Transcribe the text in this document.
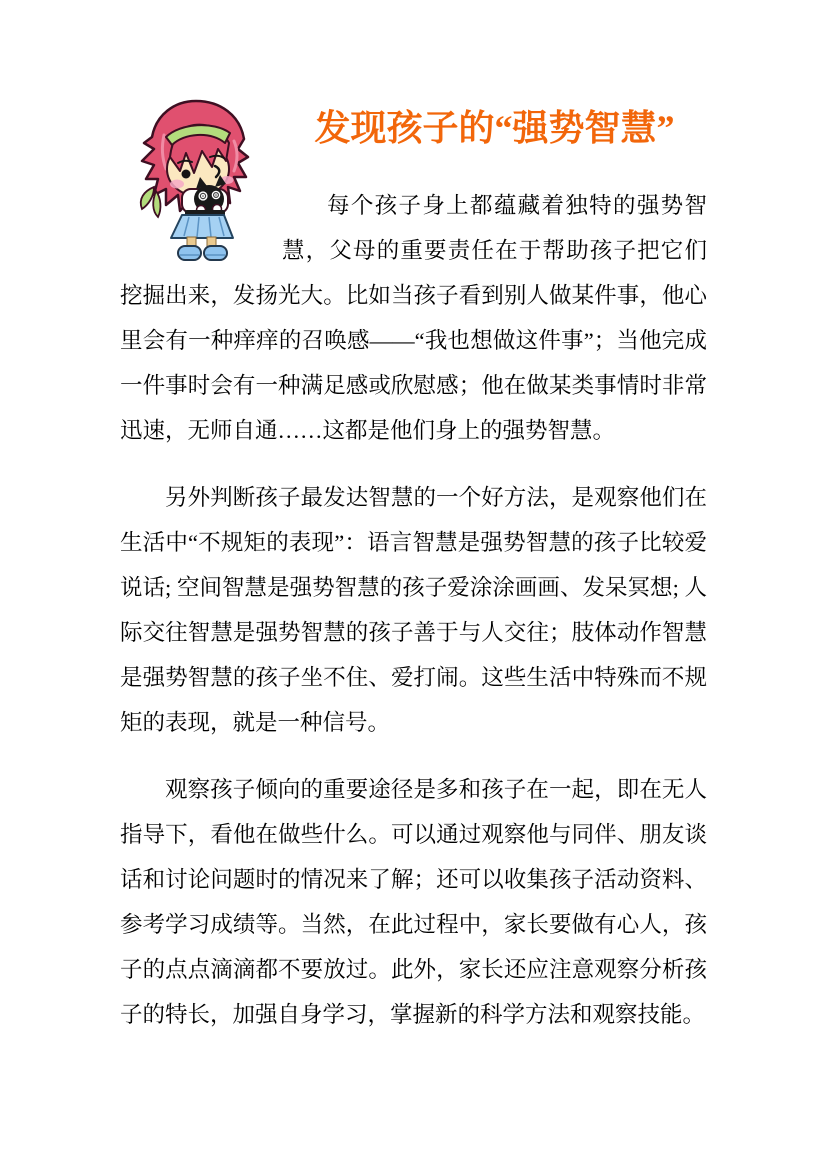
发现孩子的“强势智慧”

每个孩子身上都蕴藏着独特的强势智慧，父母的重要责任在于帮助孩子把它们挖掘出来，发扬光大。比如当孩子看到别人做某件事，他心里会有一种痒痒的召唤感——“我也想做这件事”；当他完成一件事时会有一种满足感或欣慰感；他在做某类事情时非常迅速，无师自通……这都是他们身上的强势智慧。

另外判断孩子最发达智慧的一个好方法，是观察他们在生活中“不规矩的表现”：语言智慧是强势智慧的孩子比较爱说话; 空间智慧是强势智慧的孩子爱涂涂画画、发呆冥想; 人际交往智慧是强势智慧的孩子善于与人交往；肢体动作智慧是强势智慧的孩子坐不住、爱打闹。这些生活中特殊而不规矩的表现，就是一种信号。

观察孩子倾向的重要途径是多和孩子在一起，即在无人指导下，看他在做些什么。可以通过观察他与同伴、朋友谈话和讨论问题时的情况来了解；还可以收集孩子活动资料、参考学习成绩等。当然，在此过程中，家长要做有心人，孩子的点点滴滴都不要放过。此外，家长还应注意观察分析孩子的特长，加强自身学习，掌握新的科学方法和观察技能。
